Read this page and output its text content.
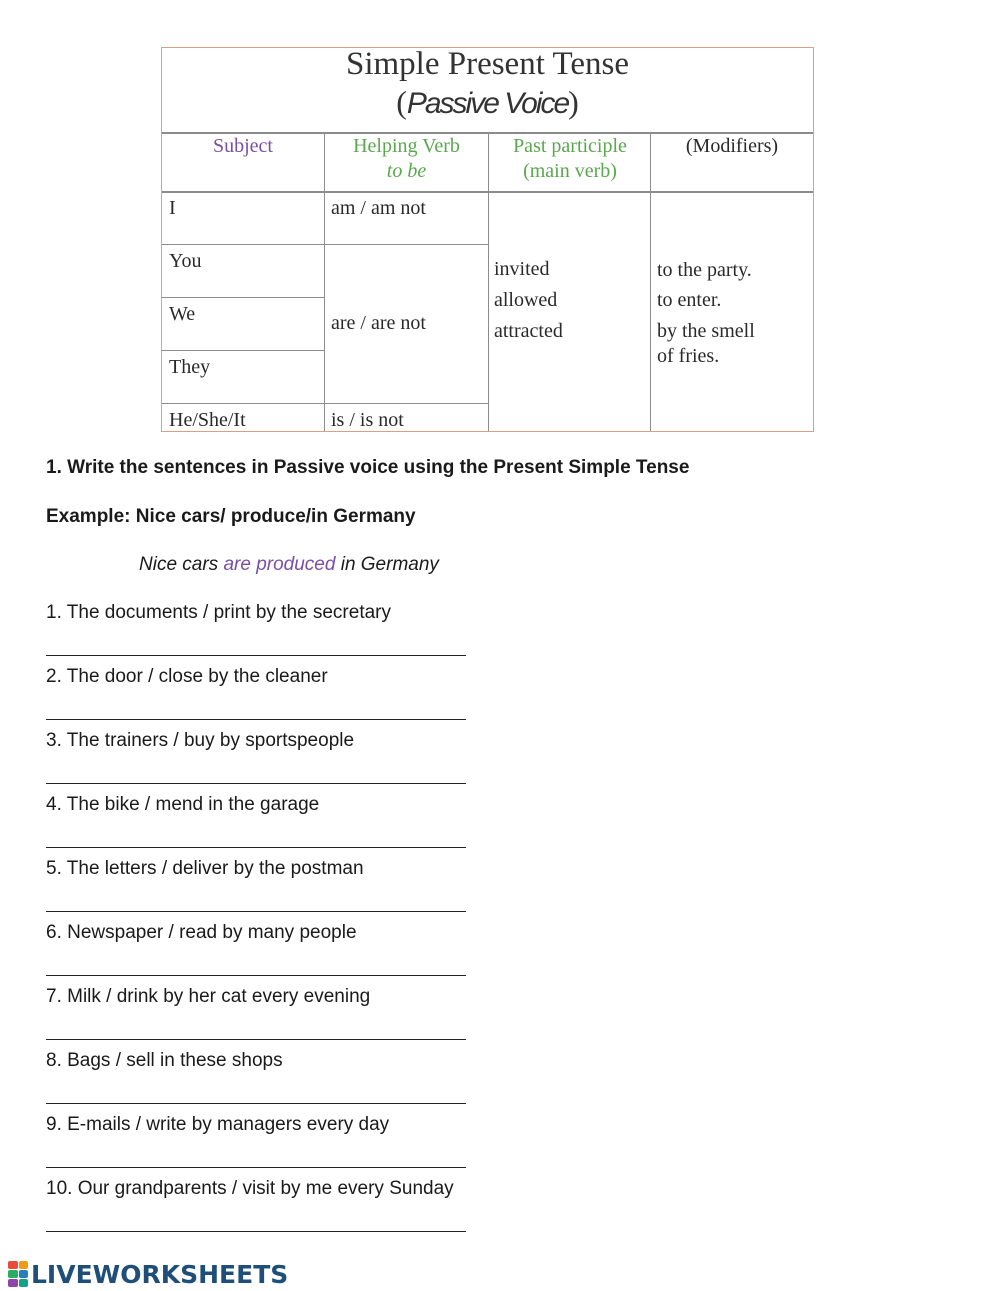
Simple Present Tense
(Passive Voice)
Subject	Helping Verb
to be
Past participle
(main verb)
(Modifiers)
I
You
We
They
He/She/It
am / am not
are / are not
is / is not
invited
allowed
attracted
to the party.
to enter.
by the smell
of fries.
1. Write the sentences in Passive voice using the Present Simple Tense
Example: Nice cars/ produce/in Germany
Nice cars are produced in Germany
1. The documents / print by the secretary
2. The door / close by the cleaner
3. The trainers / buy by sportspeople
4. The bike / mend in the garage
5. The letters / deliver by the postman
6. Newspaper / read by many people
7. Milk / drink by her cat every evening
8. Bags / sell in these shops
9. E-mails / write by managers every day
10. Our grandparents / visit by me every Sunday
LIVEWORKSHEETS
